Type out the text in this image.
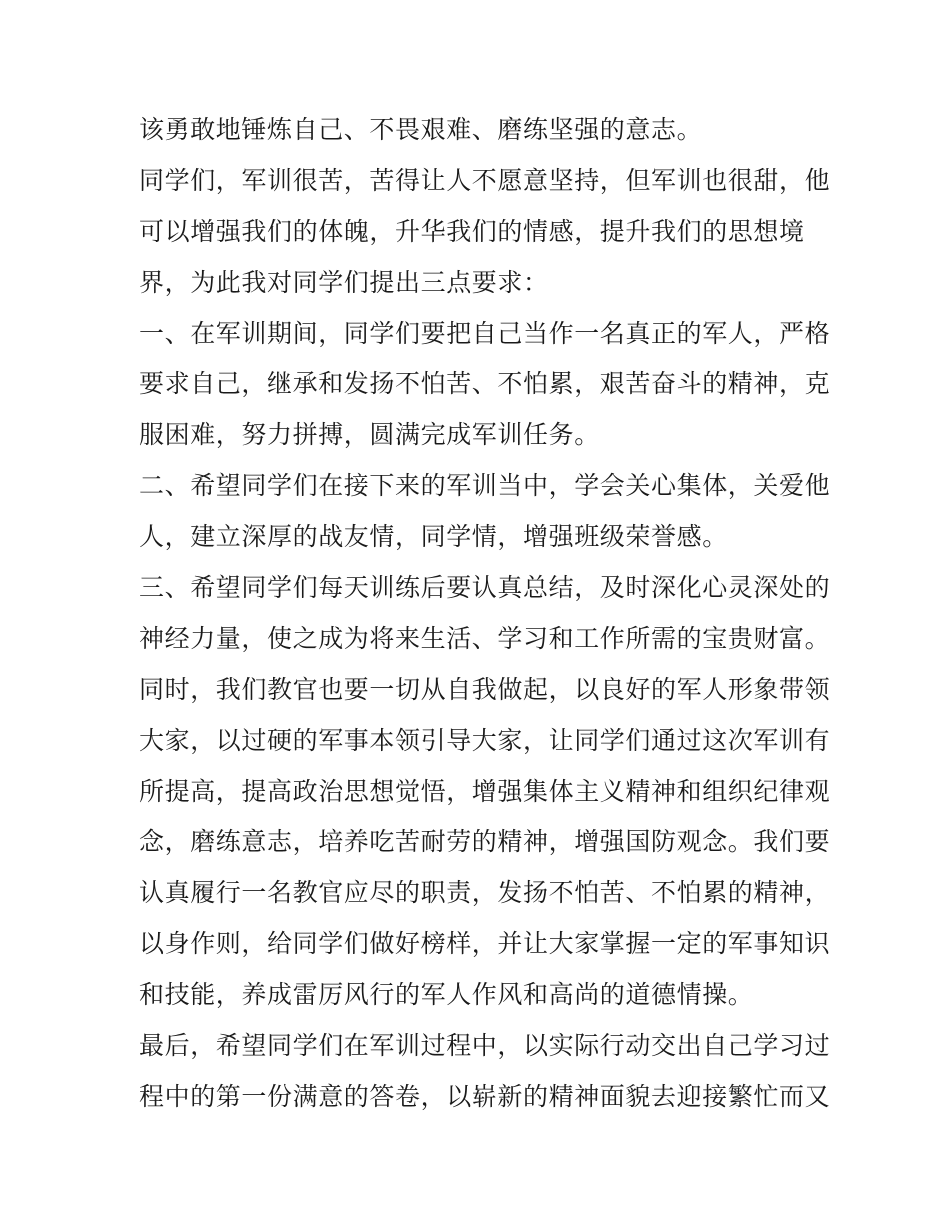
该勇敢地锤炼自己、不畏艰难、磨练坚强的意志。
同学们，军训很苦，苦得让人不愿意坚持，但军训也很甜，他
可以增强我们的体魄，升华我们的情感，提升我们的思想境
界，为此我对同学们提出三点要求：
一、在军训期间，同学们要把自己当作一名真正的军人，严格
要求自己，继承和发扬不怕苦、不怕累，艰苦奋斗的精神，克
服困难，努力拼搏，圆满完成军训任务。
二、希望同学们在接下来的军训当中，学会关心集体，关爱他
人，建立深厚的战友情，同学情，增强班级荣誉感。
三、希望同学们每天训练后要认真总结，及时深化心灵深处的
神经力量，使之成为将来生活、学习和工作所需的宝贵财富。
同时，我们教官也要一切从自我做起，以良好的军人形象带领
大家，以过硬的军事本领引导大家，让同学们通过这次军训有
所提高，提高政治思想觉悟，增强集体主义精神和组织纪律观
念，磨练意志，培养吃苦耐劳的精神，增强国防观念。我们要
认真履行一名教官应尽的职责，发扬不怕苦、不怕累的精神，
以身作则，给同学们做好榜样，并让大家掌握一定的军事知识
和技能，养成雷厉风行的军人作风和高尚的道德情操。
最后，希望同学们在军训过程中，以实际行动交出自己学习过
程中的第一份满意的答卷，以崭新的精神面貌去迎接繁忙而又
